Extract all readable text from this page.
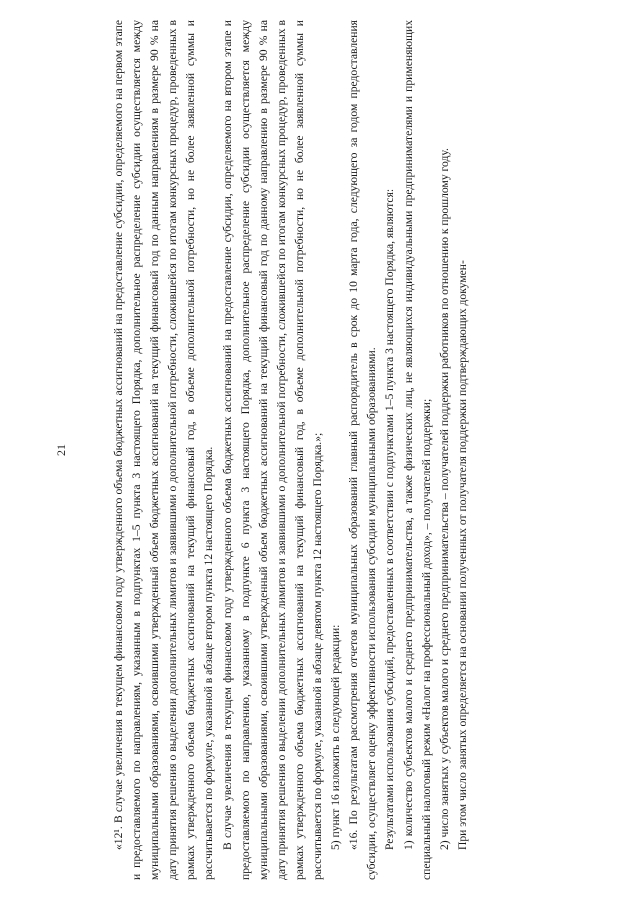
21	«12¹. В случае увеличения в текущем финансовом году утвержденного объема бюджетных ассигнований на предоставление субсидии, определяемого на первом этапе и предоставляемого по направлениям, указанным в подпунктах 1–5 пункта 3 настоящего Порядка, дополнительное распределение субсидии осуществляется между муниципальными образованиями, освоившими утвержденный объем бюджетных ассигнований на текущий финансовый год по данным направлениям в размере 90 % на дату принятия решения о выделении дополнительных лимитов и заявившими о дополнительной потребности, сложившейся по итогам конкурсных процедур, проведенных в рамках утвержденного объема бюджетных ассигнований на текущий финансовый год, в объеме дополнительной потребности, но не более заявленной суммы и рассчитывается по формуле, указанной в абзаце втором пункта 12 настоящего Порядка. В случае увеличения в текущем финансовом году утвержденного объема бюджетных ассигнований на предоставление субсидии, определяемого на втором этапе и предоставляемого по направлению, указанному в подпункте 6 пункта 3 настоящего Порядка, дополнительное распределение субсидии осуществляется между муниципальными образованиями, освоившими утвержденный объем бюджетных ассигнований на текущий финансовый год по данному направлению в размере 90 % на дату принятия решения о выделении дополнительных лимитов и заявившими о дополнительной потребности, сложившейся по итогам конкурсных процедур, проведенных в рамках утвержденного объема бюджетных ассигнований на текущий финансовый год, в объеме дополнительной потребности, но не более заявленной суммы и рассчитывается по формуле, указанной в абзаце девятом пункта 12 настоящего Порядка.»; 5) пункт 16 изложить в следующей редакции: «16. По результатам рассмотрения отчетов муниципальных образований главный распорядитель в срок до 10 марта года, следующего за годом предоставления субсидии, осуществляет оценку эффективности использования субсидии муниципальными образованиями. Результатами использования субсидий, предоставленных в соответствии с подпунктами 1–5 пункта 3 настоящего Порядка, являются: 1) количество субъектов малого и среднего предпринимательства, а также физических лиц, не являющихся индивидуальными предпринимателями и применяющих специальный налоговый режим «Налог на профессиональный доход», – получателей поддержки; 2) число занятых у субъектов малого и среднего предпринимательства – получателей поддержки работников по отношению к прошлому году. При этом число занятых определяется на основании полученных от получателя поддержки подтверждающих докумен-
